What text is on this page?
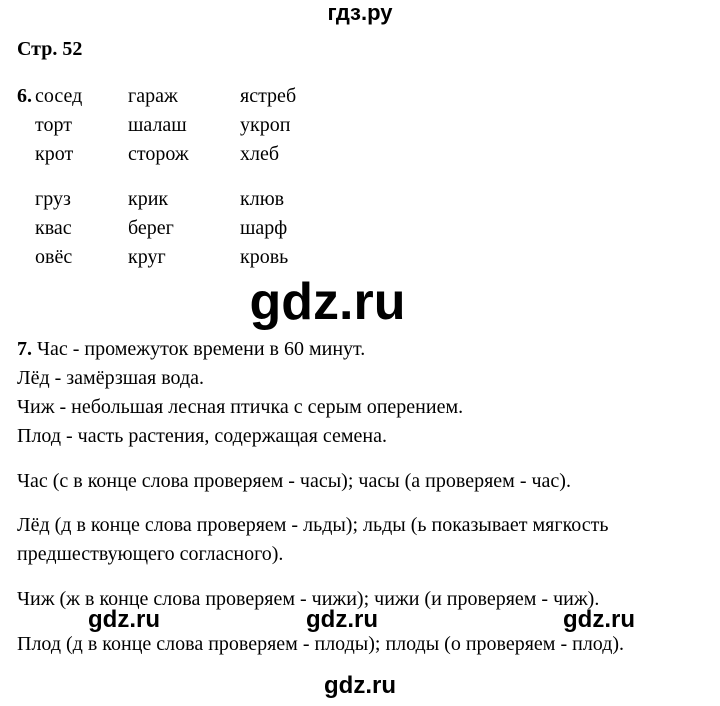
гдз.ру
Стр. 52
6. сосед гараж	ястреб
торт	шалаш	укроп
крот	сторож	хлеб
груз	крик	клюв
квас	берег	шарф
овёс	круг	кровь
gdz.ru
7. Час - промежуток времени в 60 минут.
Лёд - замёрзшая вода.
Чиж - небольшая лесная птичка с серым оперением.
Плод - часть растения, содержащая семена.
Час (с в конце слова проверяем - часы); часы (а проверяем - час).
Лёд (д в конце слова проверяем - льды); льды (ь показывает мягкость
предшествующего согласного).
Чиж (ж в конце слова проверяем - чижи); чижи (и проверяем - чиж).
gdz.ru	gdz.ru	gdz.ru
Плод (д в конце слова проверяем - плоды); плоды (о проверяем - плод).
gdz.ru
